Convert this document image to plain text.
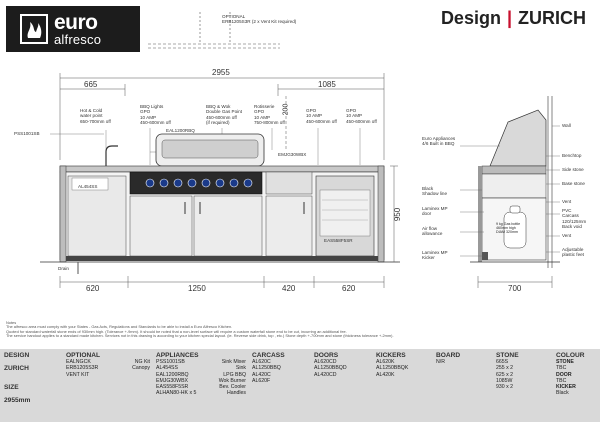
euro
alfresco
Design | ZURICH
OPTIONAL
ERB1205S3R (2 x Vent Kit required)
2955
665	1085
620	1250	420	620
950
200
700
Hot & Cold
water point
650-700mm off
BBQ Lights
GPO
10 AMP
450-600mm off
BBQ & Wok
Double Gas Point
450-600mm off
(if required)
Rotisserie
GPO
10 AMP
750-800mm off
GPO
10 AMP
450-600mm off
GPO
10 AMP
450-600mm off
PSS1001SB
EAL1200RBQ
EMJG30WBX
AL454SS
EAS558F5SR
Drain
Euro Appliances
4/6 Built in BBQ
Black
Shadow line
Laminex MP
door
Air flow
allowance
Laminex MP
Kicker
Wall
Benchtop
Side stone
Base stone
Vent
PVC
Carcass
120/125mm
Back void
Vent
Adjustable
plastic feet
9 kg Gas bottle
460mm high
DIAM 320mm
Notes
The alfresco area must comply with your States - Gas Acts, Regulations and Standards to be able to install a Euro Alfresco Kitchen.
Quoted for standard waterfall stone ends of 930mm high. (Tolerance +-9mm). It should be noted that a non-level surface will require a custom waterfall stone end to be cut, incurring an additional fee.
The service handout applies to a standard made kitchen. Services not in this drawing is according to your kitchen special layout. (ie. Reverse side drink, top , etc.) Stone depth +-700mm and stone (thickness tolerance +-2mm).
DESIGN
ZURICH
SIZE
2955mm
OPTIONAL
EALNGCK	NG Kit
ERB1205S3R	Canopy
VENT KIT
APPLIANCES
PSS1001SB	Sink Mixer
AL454SS	Sink
EAL1200RBQ	LPG BBQ
EMJG30WBX	Wok Burner
EAS558F5SR	Bev. Cooler
ALHAN80-HK x 5	Handles
CARCASS
AL620C
AL1250BBQ
AL420C
AL620F
DOORS
AL620CD
AL1250BBQD
AL420CD
KICKERS
AL620K
AL1250BBQK
AL420K
BOARD
N/R
STONE
665S
255 x 2
625 x 2
1085W
930 x 2
COLOUR
STONE
TBC
DOOR
TBC
KICKER
Black
